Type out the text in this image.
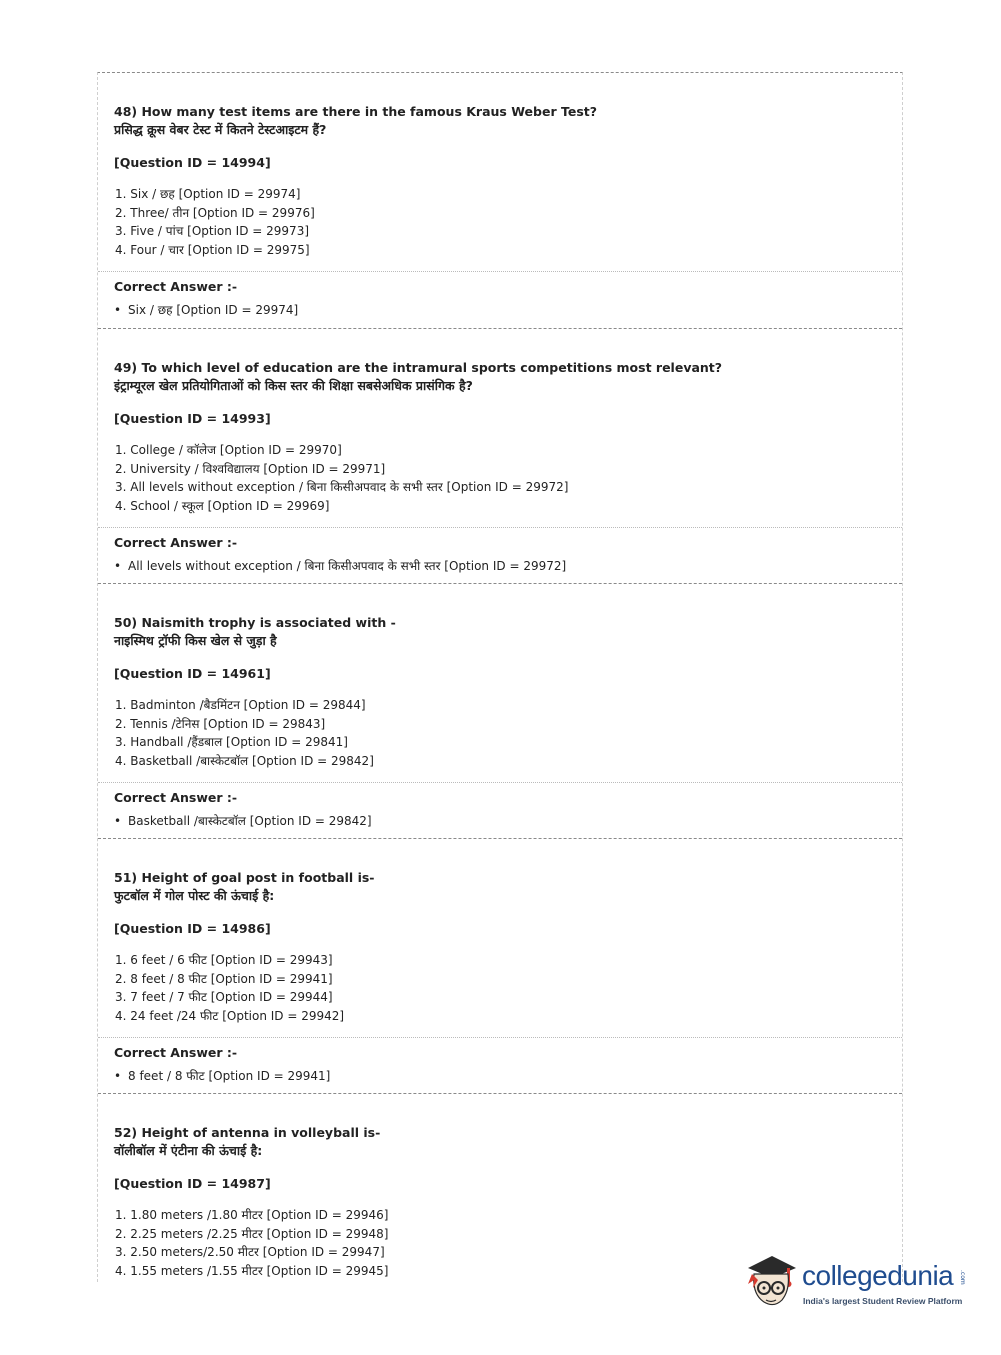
48) How many test items are there in the famous Kraus Weber Test?
प्रसिद्ध क्रूस वेबर टेस्ट में कितने टेस्टआइटम हैं?
[Question ID = 14994]
1. Six / छह [Option ID = 29974]
2. Three/ तीन [Option ID = 29976]
3. Five / पांच [Option ID = 29973]
4. Four / चार [Option ID = 29975]
Correct Answer :-
• Six / छह [Option ID = 29974]
49) To which level of education are the intramural sports competitions most relevant?
इंट्राम्यूरल खेल प्रतियोगिताओं को किस स्तर की शिक्षा सबसेअधिक प्रासंगिक है?
[Question ID = 14993]
1. College / कॉलेज [Option ID = 29970]
2. University / विश्वविद्यालय [Option ID = 29971]
3. All levels without exception / बिना किसीअपवाद के सभी स्तर [Option ID = 29972]
4. School / स्कूल [Option ID = 29969]
Correct Answer :-
• All levels without exception / बिना किसीअपवाद के सभी स्तर [Option ID = 29972]
50) Naismith trophy is associated with -
नाइस्मिथ ट्रॉफी किस खेल से जुड़ा है
[Question ID = 14961]
1. Badminton /बैडमिंटन [Option ID = 29844]
2. Tennis /टेनिस [Option ID = 29843]
3. Handball /हैंडबाल [Option ID = 29841]
4. Basketball /बास्केटबॉल [Option ID = 29842]
Correct Answer :-
• Basketball /बास्केटबॉल [Option ID = 29842]
51) Height of goal post in football is-
फुटबॉल में गोल पोस्ट की ऊंचाई है:
[Question ID = 14986]
1. 6 feet / 6 फीट [Option ID = 29943]
2. 8 feet / 8 फीट [Option ID = 29941]
3. 7 feet / 7 फीट [Option ID = 29944]
4. 24 feet /24 फीट [Option ID = 29942]
Correct Answer :-
• 8 feet / 8 फीट [Option ID = 29941]
52) Height of antenna in volleyball is-
वॉलीबॉल में एंटीना की ऊंचाई है:
[Question ID = 14987]
1. 1.80 meters /1.80 मीटर [Option ID = 29946]
2. 2.25 meters /2.25 मीटर [Option ID = 29948]
3. 2.50 meters/2.50 मीटर [Option ID = 29947]
4. 1.55 meters /1.55 मीटर [Option ID = 29945]	collegedunia .com
India's largest Student Review Platform
